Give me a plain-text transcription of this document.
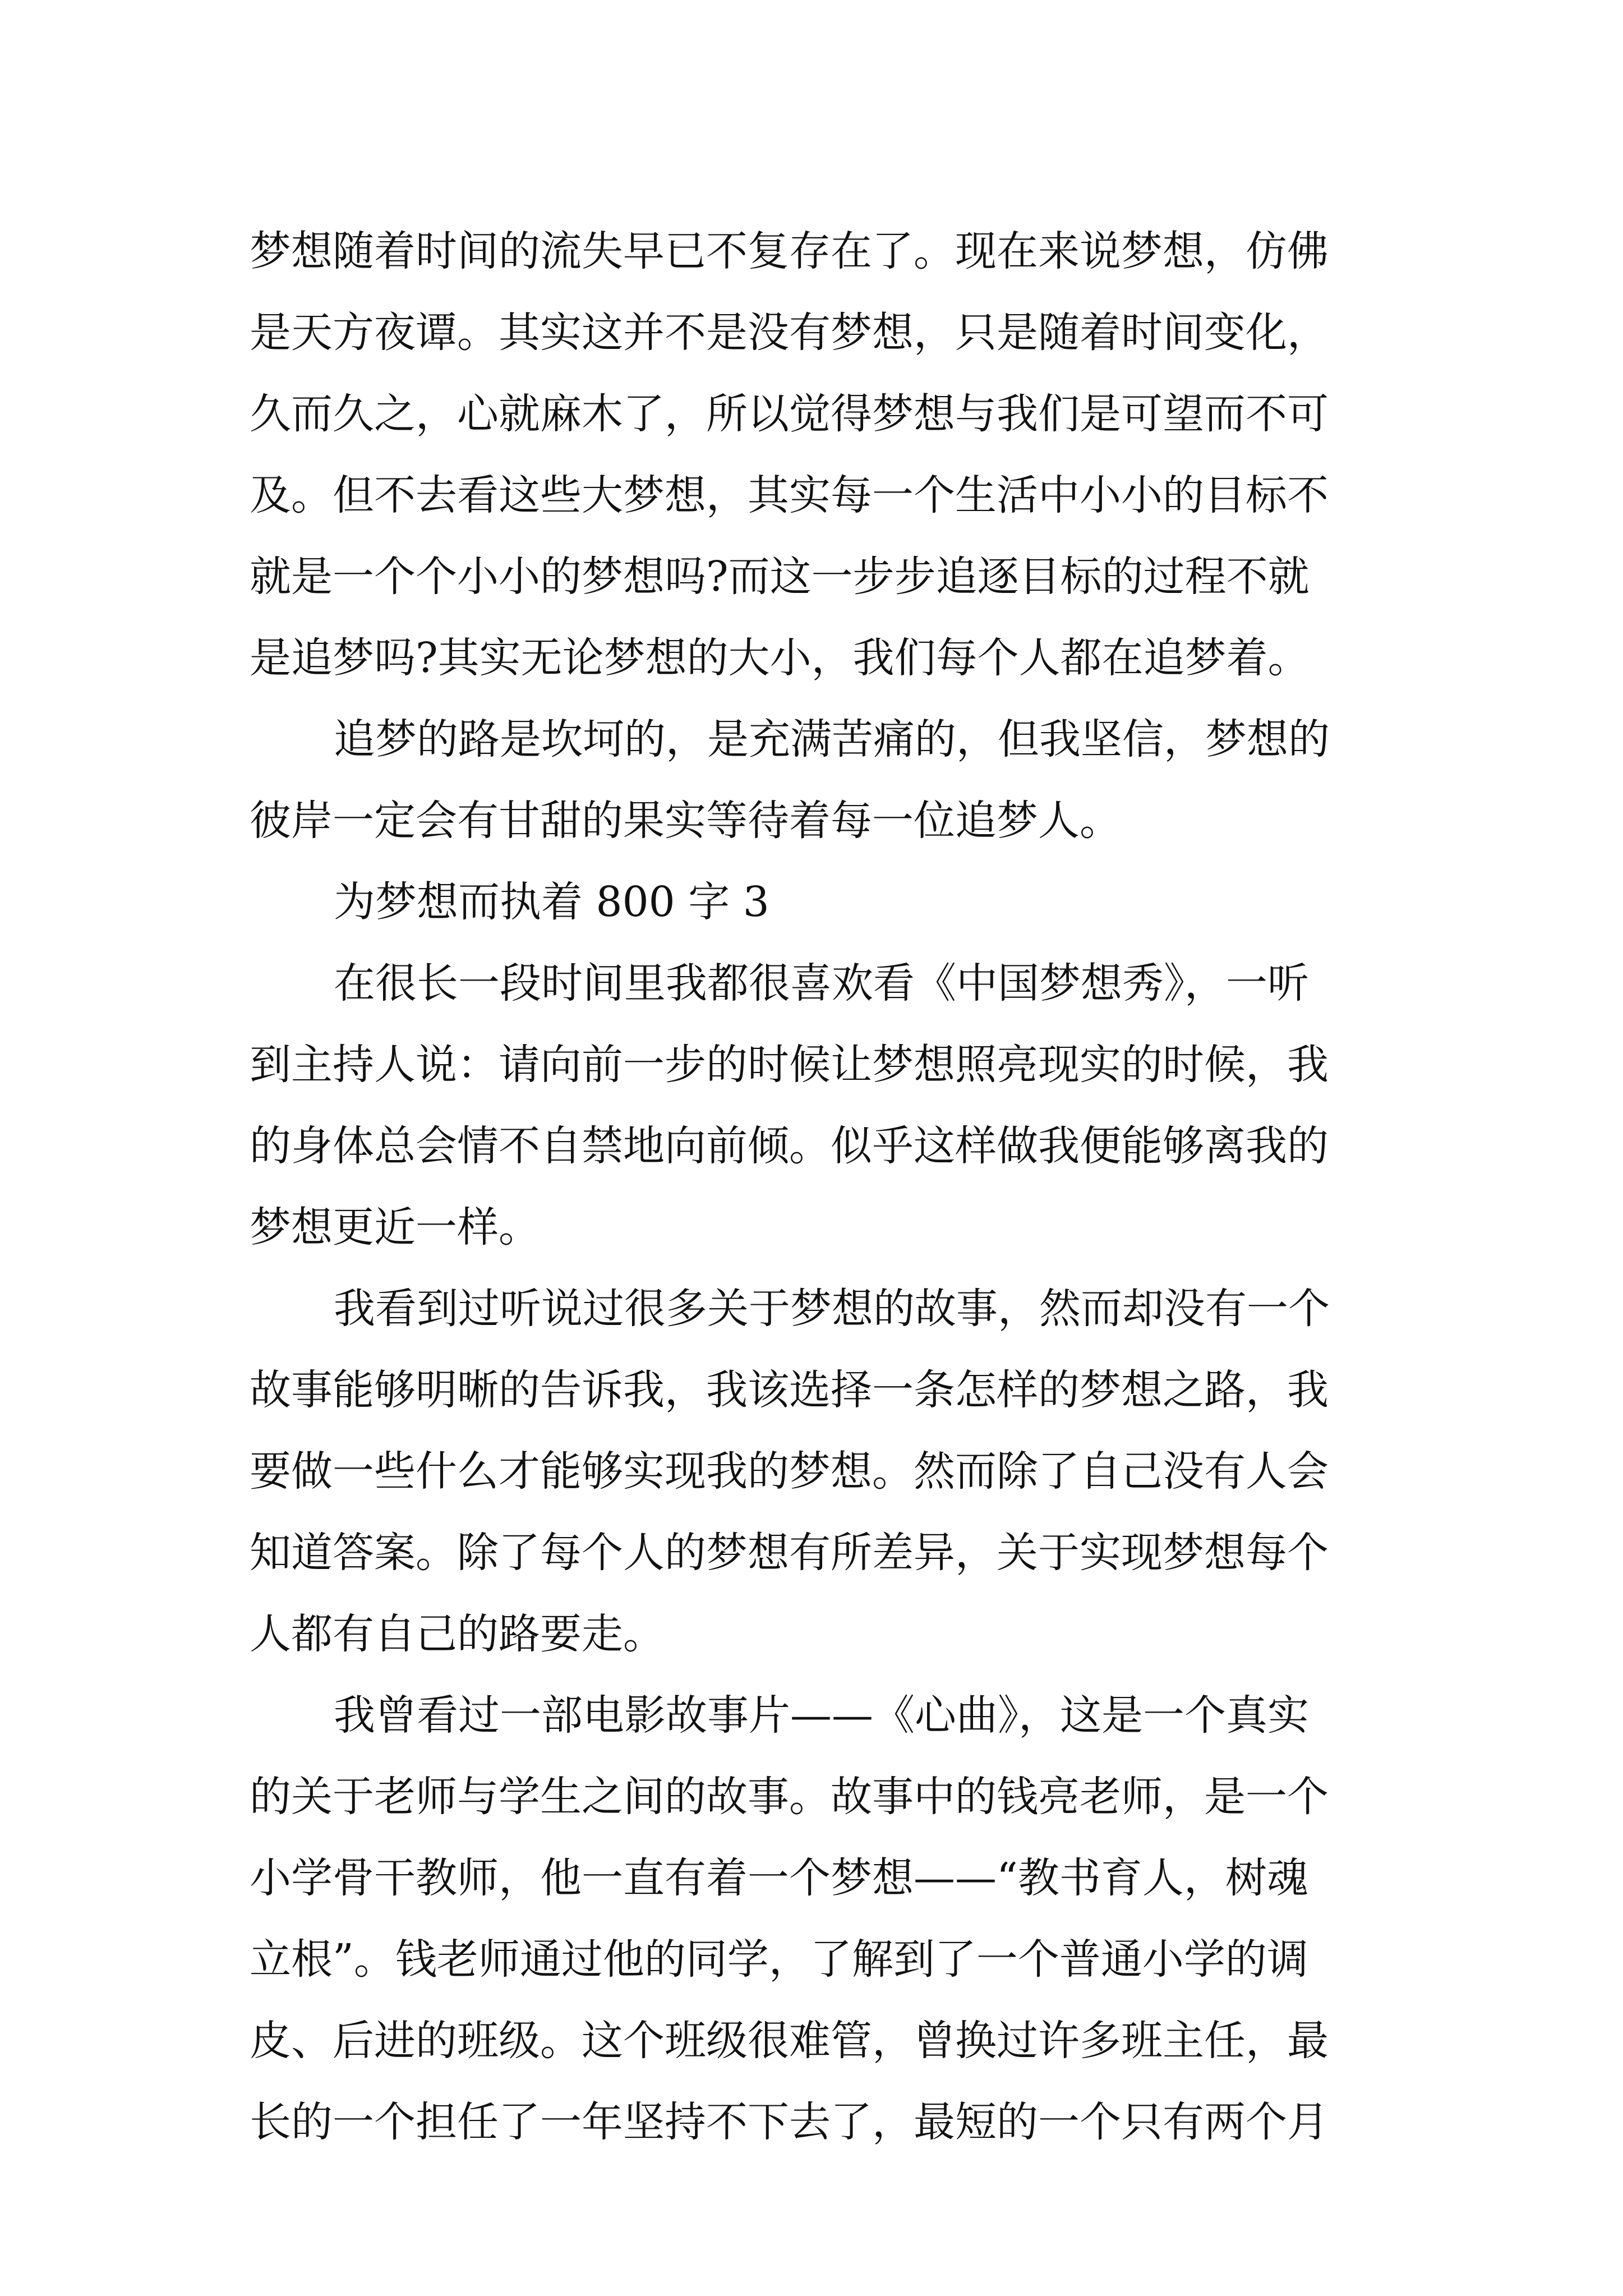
梦想随着时间的流失早已不复存在了。现在来说梦想，仿佛
是天方夜谭。其实这并不是没有梦想，只是随着时间变化，
久而久之，心就麻木了，所以觉得梦想与我们是可望而不可
及。但不去看这些大梦想，其实每一个生活中小小的目标不
就是一个个小小的梦想吗?而这一步步追逐目标的过程不就
是追梦吗?其实无论梦想的大小，我们每个人都在追梦着。

追梦的路是坎坷的，是充满苦痛的，但我坚信，梦想的
彼岸一定会有甘甜的果实等待着每一位追梦人。

为梦想而执着 800 字 3

在很长一段时间里我都很喜欢看《中国梦想秀》，一听
到主持人说：请向前一步的时候让梦想照亮现实的时候，我
的身体总会情不自禁地向前倾。似乎这样做我便能够离我的
梦想更近一样。

我看到过听说过很多关于梦想的故事，然而却没有一个
故事能够明晰的告诉我，我该选择一条怎样的梦想之路，我
要做一些什么才能够实现我的梦想。然而除了自己没有人会
知道答案。除了每个人的梦想有所差异，关于实现梦想每个
人都有自己的路要走。

我曾看过一部电影故事片——《心曲》，这是一个真实
的关于老师与学生之间的故事。故事中的钱亮老师，是一个
小学骨干教师，他一直有着一个梦想——“教书育人，树魂
立根”。钱老师通过他的同学，了解到了一个普通小学的调
皮、后进的班级。这个班级很难管，曾换过许多班主任，最
长的一个担任了一年坚持不下去了，最短的一个只有两个月
